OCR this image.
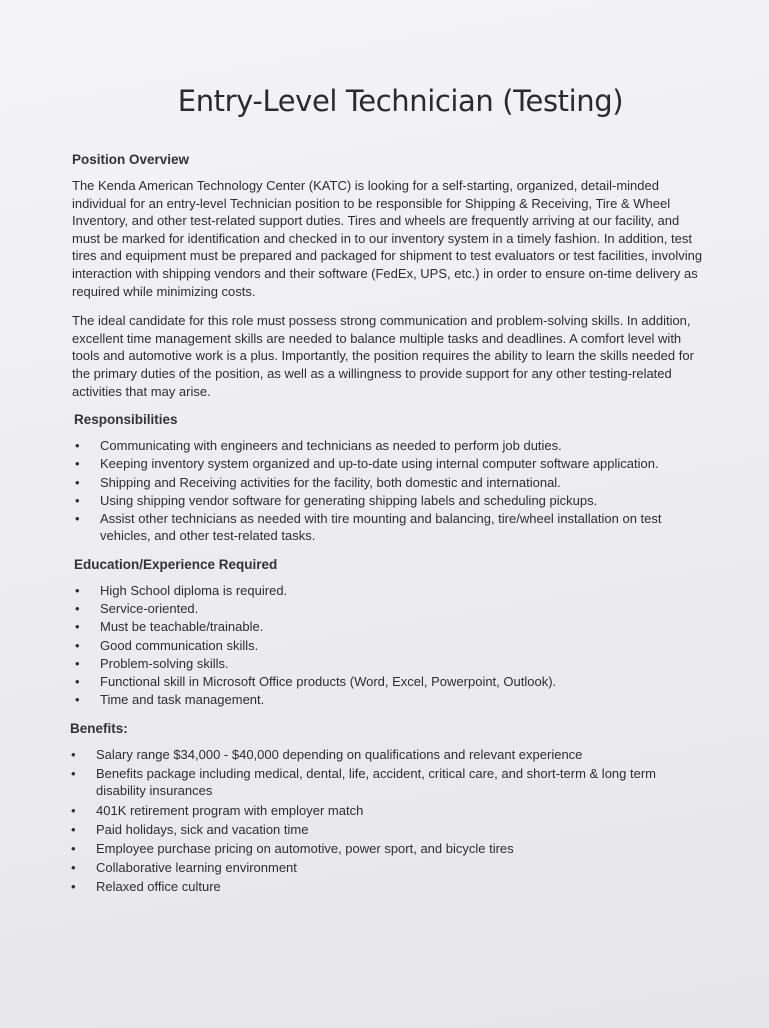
Entry-Level Technician (Testing)
Position Overview

The Kenda American Technology Center (KATC) is looking for a self-starting, organized, detail-minded individual for an entry-level Technician position to be responsible for Shipping & Receiving, Tire & Wheel Inventory, and other test-related support duties. Tires and wheels are frequently arriving at our facility, and must be marked for identification and checked in to our inventory system in a timely fashion. In addition, test tires and equipment must be prepared and packaged for shipment to test evaluators or test facilities, involving interaction with shipping vendors and their software (FedEx, UPS, etc.) in order to ensure on-time delivery as required while minimizing costs.

The ideal candidate for this role must possess strong communication and problem-solving skills. In addition, excellent time management skills are needed to balance multiple tasks and deadlines. A comfort level with tools and automotive work is a plus. Importantly, the position requires the ability to learn the skills needed for the primary duties of the position, as well as a willingness to provide support for any other testing-related activities that may arise.

Responsibilities
• Communicating with engineers and technicians as needed to perform job duties.
• Keeping inventory system organized and up-to-date using internal computer software application.
• Shipping and Receiving activities for the facility, both domestic and international.
• Using shipping vendor software for generating shipping labels and scheduling pickups.
• Assist other technicians as needed with tire mounting and balancing, tire/wheel installation on test vehicles, and other test-related tasks.
Education/Experience Required
• High School diploma is required.
• Service-oriented.
• Must be teachable/trainable.
• Good communication skills.
• Problem-solving skills.
• Functional skill in Microsoft Office products (Word, Excel, Powerpoint, Outlook).
• Time and task management.
Benefits:
• Salary range $34,000 - $40,000 depending on qualifications and relevant experience
• Benefits package including medical, dental, life, accident, critical care, and short-term & long term disability insurances
• 401K retirement program with employer match
• Paid holidays, sick and vacation time
• Employee purchase pricing on automotive, power sport, and bicycle tires
• Collaborative learning environment
• Relaxed office culture
